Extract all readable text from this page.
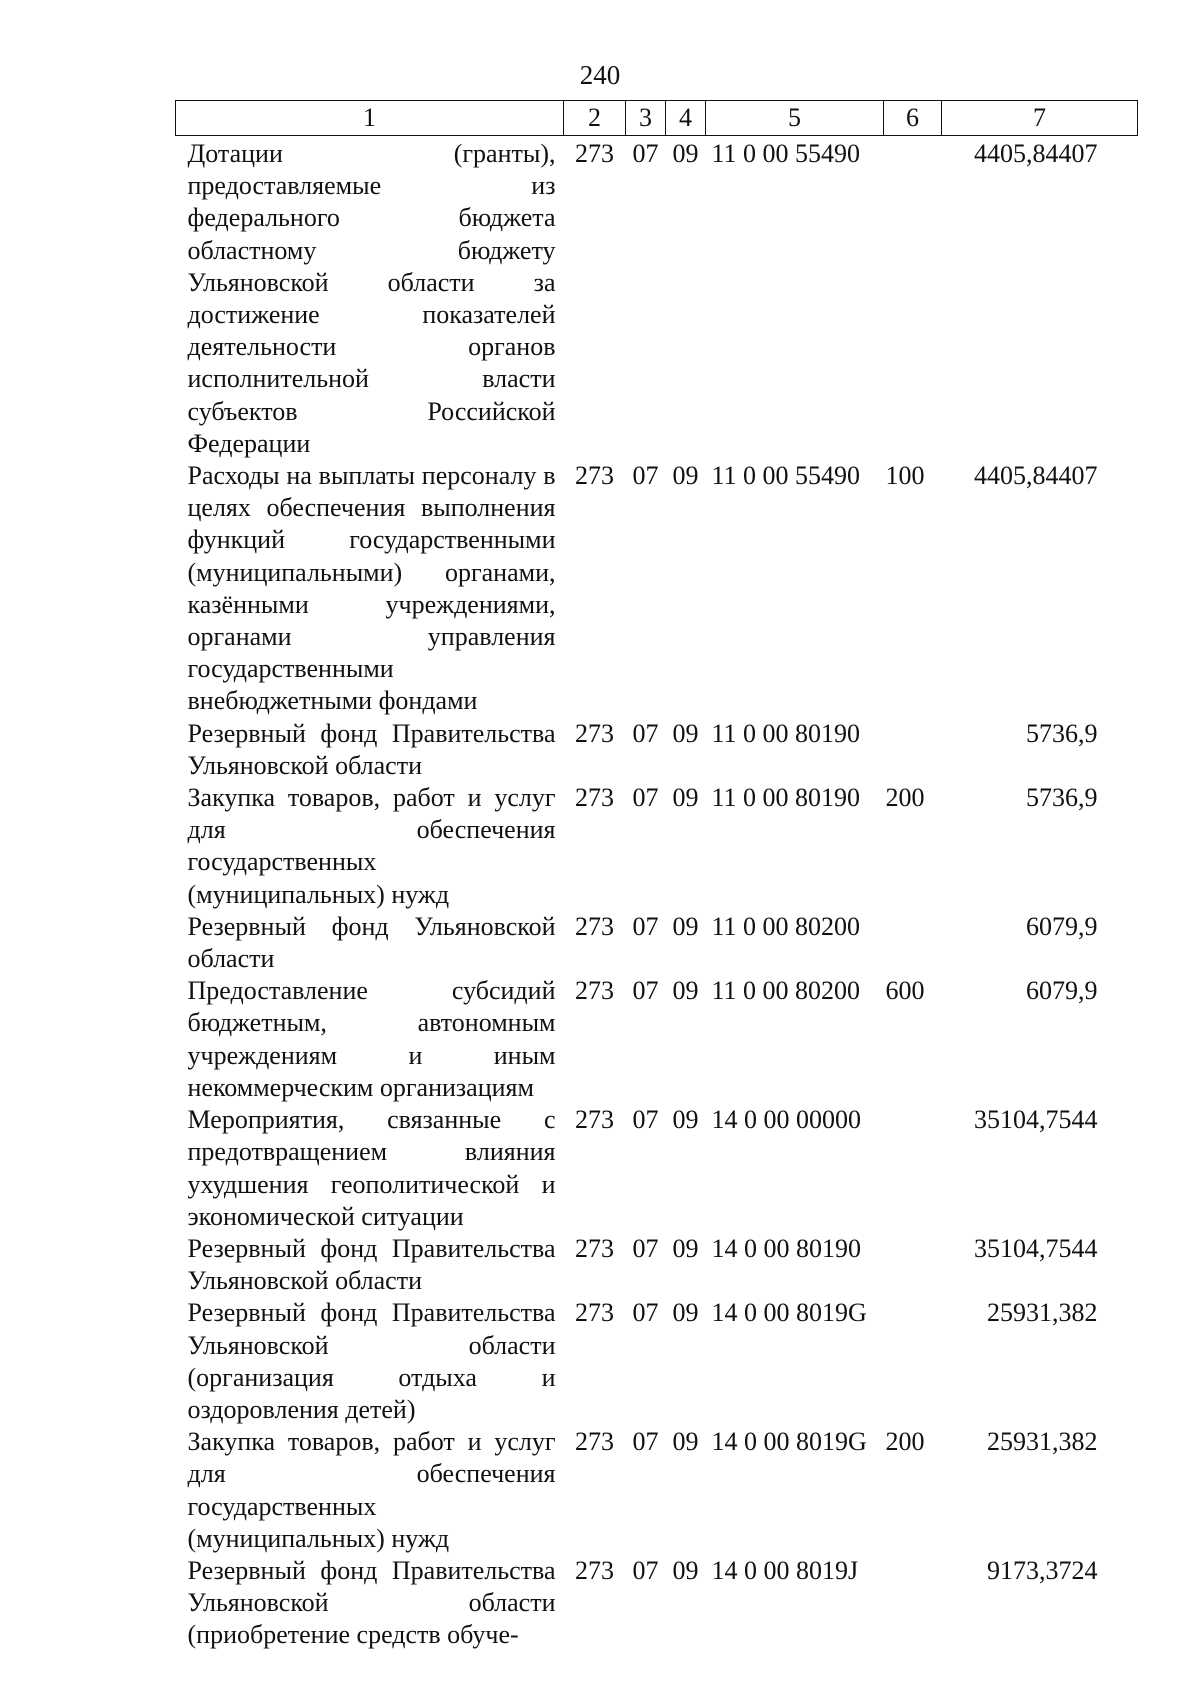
240
1	2	3	4	5	6	7
Дотации (гранты), предоставляемые из федерального бюджета областному бюджету Ульяновской области за достижение показателей деятельности органов исполнительной власти субъектов Российской Федерации	273	07	09	11 0 00 55490		4405,84407
Расходы на выплаты персоналу в целях обеспечения выполнения функций государственными (муниципальными) органами, казёнными учреждениями, органами управления государственными внебюджетными фондами	273	07	09	11 0 00 55490	100	4405,84407
Резервный фонд Правительства Ульяновской области	273	07	09	11 0 00 80190		5736,9
Закупка товаров, работ и услуг для обеспечения государственных (муниципальных) нужд	273	07	09	11 0 00 80190	200	5736,9
Резервный фонд Ульяновской области	273	07	09	11 0 00 80200		6079,9
Предоставление субсидий бюджетным, автономным учреждениям и иным некоммерческим организациям	273	07	09	11 0 00 80200	600	6079,9
Мероприятия, связанные с предотвращением влияния ухудшения геополитической и экономической ситуации	273	07	09	14 0 00 00000		35104,7544
Резервный фонд Правительства Ульяновской области	273	07	09	14 0 00 80190		35104,7544
Резервный фонд Правительства Ульяновской области (организация отдыха и оздоровления детей)	273	07	09	14 0 00 8019G		25931,382
Закупка товаров, работ и услуг для обеспечения государственных (муниципальных) нужд	273	07	09	14 0 00 8019G	200	25931,382
Резервный фонд Правительства Ульяновской области (приобретение средств обуче-	273	07	09	14 0 00 8019J		9173,3724
